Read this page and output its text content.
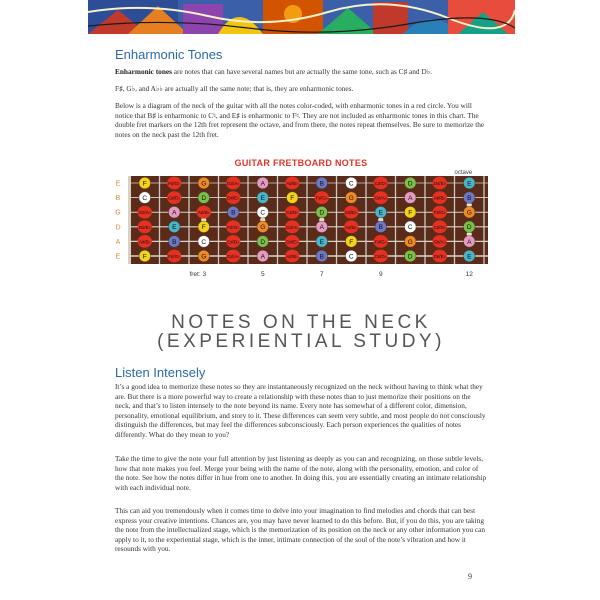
Enharmonic Tones

Enharmonic tones are notes that can have several names but are actually the same tone, such as C♯ and D♭.

F♯, G♭, and A♭♭ are actually all the same note; that is, they are enharmonic tones.

Below is a diagram of the neck of the guitar with all the notes color-coded, with enharmonic tones in a red circle. You will notice that B♯ is enharmonic to C♮, and E♯ is enharmonic to F♮. They are not included as enharmonic tones in this chart. The double fret markers on the 12th fret represent the octave, and from there, the notes repeat themselves. Be sure to memorize the notes on the neck past the 12th fret.

GUITAR FRETBOARD NOTES
octave
E
B
G
D
A
E
F	F♯/G♭	G	G♯/A♭	A	A♯/B♭	B	C	C♯/D♭	D	D♯/E♭	E
C	C♯/D♭	D	D♯/E♭	E	F	F♯/G♭	G	G♯/A♭	A	A♯/B♭	B
G♯/A♭	A	A♯/B♭	B	C	C♯/D♭	D	D♯/E♭	E	F	F♯/G♭	G
D♯/E♭	E	F	F♯/G♭	G	G♯/A♭	A	A♯/B♭	B	C	C♯/D♭	D
A♯/B♭	B	C	C♯/D♭	D	D♯/E♭	E	F	F♯/G♭	G	G♯/A♭	A
F	F♯/G♭	G	G♯/A♭	A	A♯/B♭	B	C	C♯/D♭	D	D♯/E♭	E
fret: 3	5	7	9	12

NOTES ON THE NECK

(EXPERIENTIAL STUDY)

Listen Intensely

It’s a good idea to memorize these notes so they are instantaneously recognized on the neck without having to think what they are. But there is a more powerful way to create a relationship with these notes than to just memorize their positions on the neck, and that’s to listen intensely to the note beyond its name. Every note has somewhat of a different color, dimension, personality, emotional equilibrium, and story to it. These differences can seem very subtle, and most people do not consciously distinguish the differences, but may feel the differences subconsciously. Each person experiences the qualities of notes differently. What do they mean to you?

Take the time to give the note your full attention by just listening as deeply as you can and recognizing, on those subtle levels, how that note makes you feel. Merge your being with the name of the note, along with the personality, emotion, and color of the note. See how the notes differ in hue from one to another. In doing this, you are essentially creating an intimate relationship with each individual note.

This can aid you tremendously when it comes time to delve into your imagination to find melodies and chords that can best express your creative intentions. Chances are, you may have never learned to do this before. But, if you do this, you are taking the note from the intellectualized stage, which is the memorization of its position on the neck or any other information you can apply to it, to the experiential stage, which is the inner, intimate connection of the soul of the note’s vibration and how it resounds with you.

9
